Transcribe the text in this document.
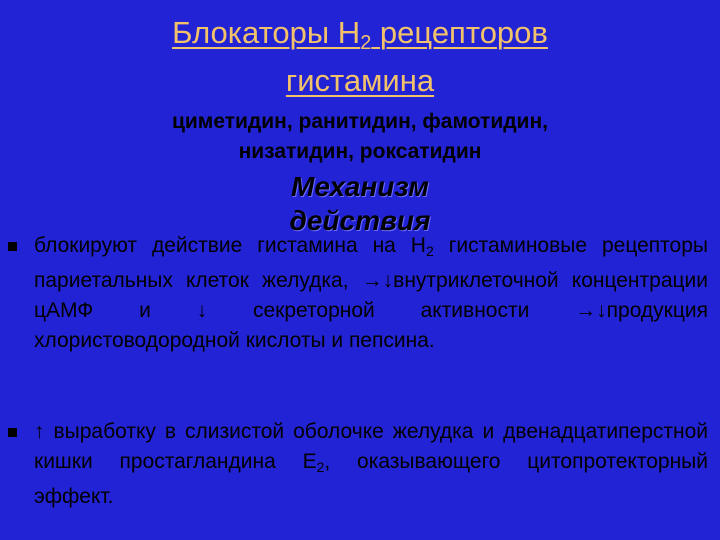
Блокаторы $H_2$ рецепторов
гистамина
циметидин, ранитидин, фамотидин,
низатидин, роксатидин
Механизм
действия
блокируют действие гистамина на $Н_2$ гистаминовые рецепторы париетальных клеток желудка, →↓внутриклеточной концентрации цАМФ и ↓ секреторной активности →↓продукция хлористоводородной кислоты и пепсина.
↑ выработку в слизистой оболочке желудка и двенадцатиперстной кишки простагландина $Е_2$, оказывающего цитопротекторный эффект.
